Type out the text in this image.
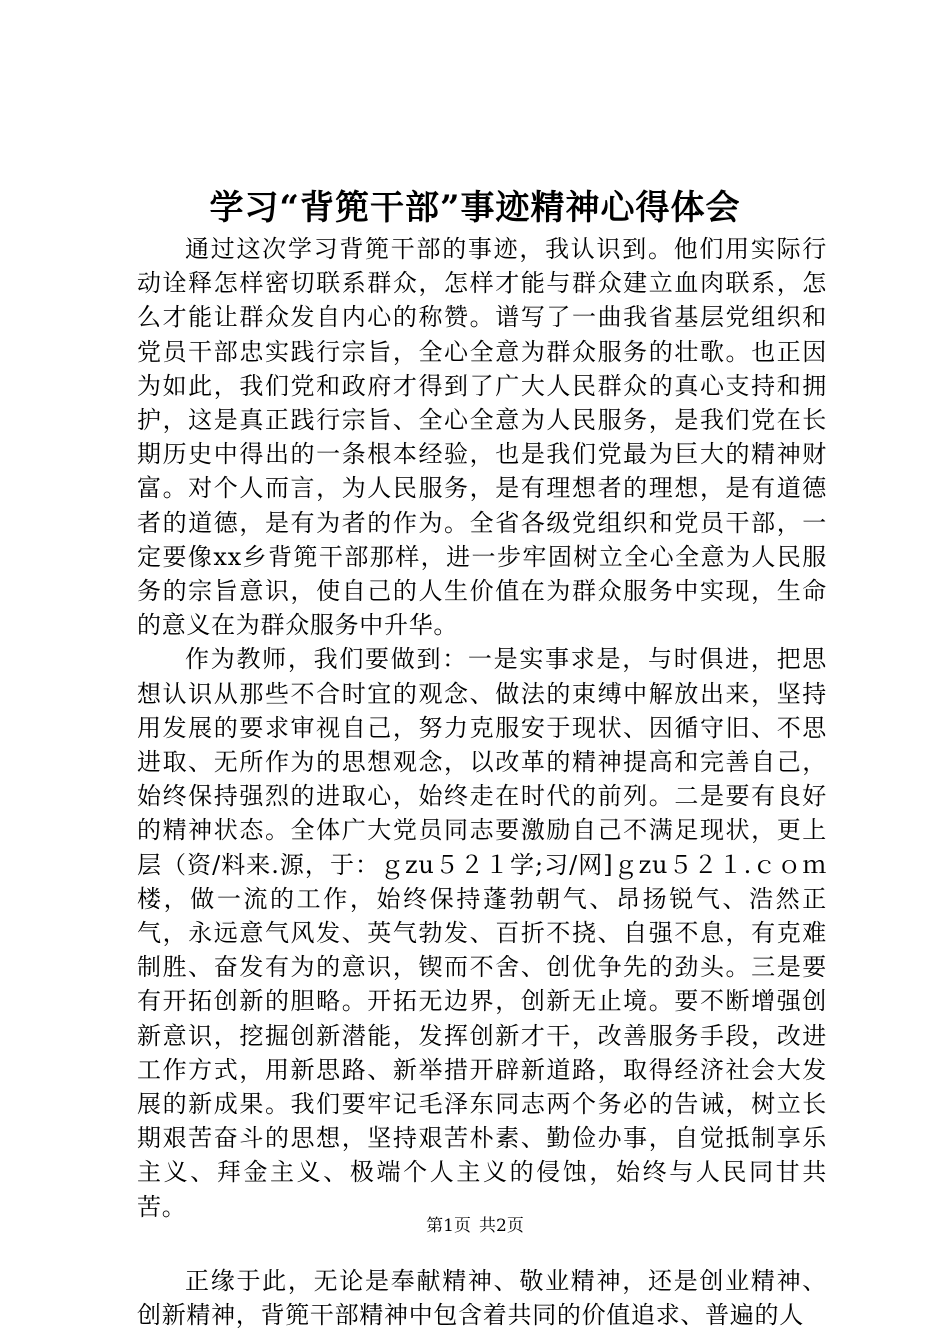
学习“背篼干部”事迹精神心得体会

通过这次学习背篼干部的事迹，我认识到。他们用实际行动诠释怎样密切联系群众，怎样才能与群众建立血肉联系，怎么才能让群众发自内心的称赞。谱写了一曲我省基层党组织和党员干部忠实践行宗旨，全心全意为群众服务的壮歌。也正因为如此，我们党和政府才得到了广大人民群众的真心支持和拥护，这是真正践行宗旨、全心全意为人民服务，是我们党在长期历史中得出的一条根本经验，也是我们党最为巨大的精神财富。对个人而言，为人民服务，是有理想者的理想，是有道德者的道德，是有为者的作为。全省各级党组织和党员干部，一定要像xx乡背篼干部那样，进一步牢固树立全心全意为人民服务的宗旨意识，使自己的人生价值在为群众服务中实现，生命的意义在为群众服务中升华。

作为教师，我们要做到：一是实事求是，与时俱进，把思想认识从那些不合时宜的观念、做法的束缚中解放出来，坚持用发展的要求审视自己，努力克服安于现状、因循守旧、不思进取、无所作为的思想观念，以改革的精神提高和完善自己，始终保持强烈的进取心，始终走在时代的前列。二是要有良好的精神状态。全体广大党员同志要激励自己不满足现状，更上层（资/料来.源，于：ｇzu５２１学;习/网]ｇzu５２１.ｃｏｍ楼，做一流的工作，始终保持蓬勃朝气、昂扬锐气、浩然正气，永远意气风发、英气勃发、百折不挠、自强不息，有克难制胜、奋发有为的意识，锲而不舍、创优争先的劲头。三是要有开拓创新的胆略。开拓无边界，创新无止境。要不断增强创新意识，挖掘创新潜能，发挥创新才干，改善服务手段，改进工作方式，用新思路、新举措开辟新道路，取得经济社会大发展的新成果。我们要牢记毛泽东同志两个务必的告诫，树立长期艰苦奋斗的思想，坚持艰苦朴素、勤俭办事，自觉抵制享乐主义、拜金主义、极端个人主义的侵蚀，始终与人民同甘共苦。

正缘于此，无论是奉献精神、敬业精神，还是创业精神、创新精神，背篼干部精神中包含着共同的价值追求、普遍的人

第1页 共2页
